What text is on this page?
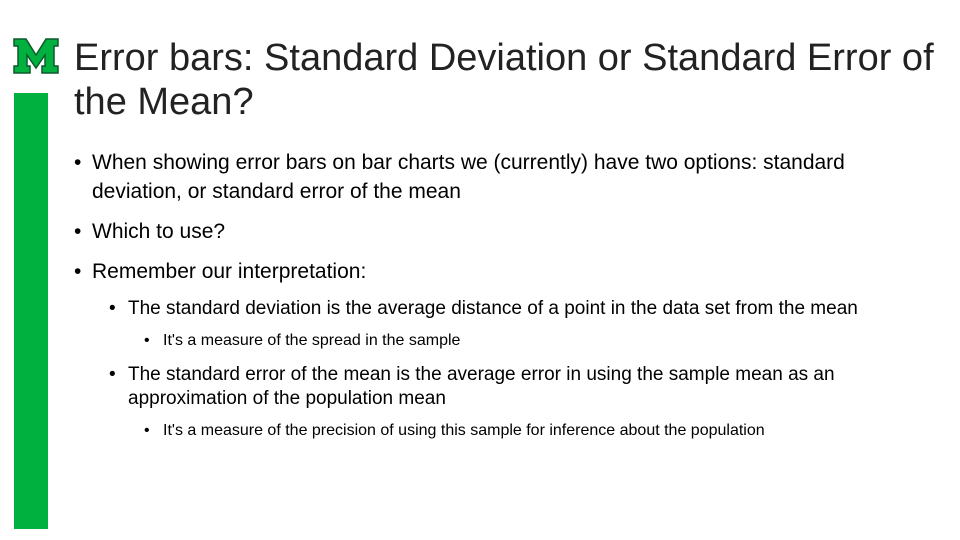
Error bars: Standard Deviation or Standard Error of the Mean?

• When showing error bars on bar charts we (currently) have two options: standard deviation, or standard error of the mean

• Which to use?

• Remember our interpretation:

• The standard deviation is the average distance of a point in the data set from the mean

• It's a measure of the spread in the sample

• The standard error of the mean is the average error in using the sample mean as an approximation of the population mean

• It's a measure of the precision of using this sample for inference about the population
